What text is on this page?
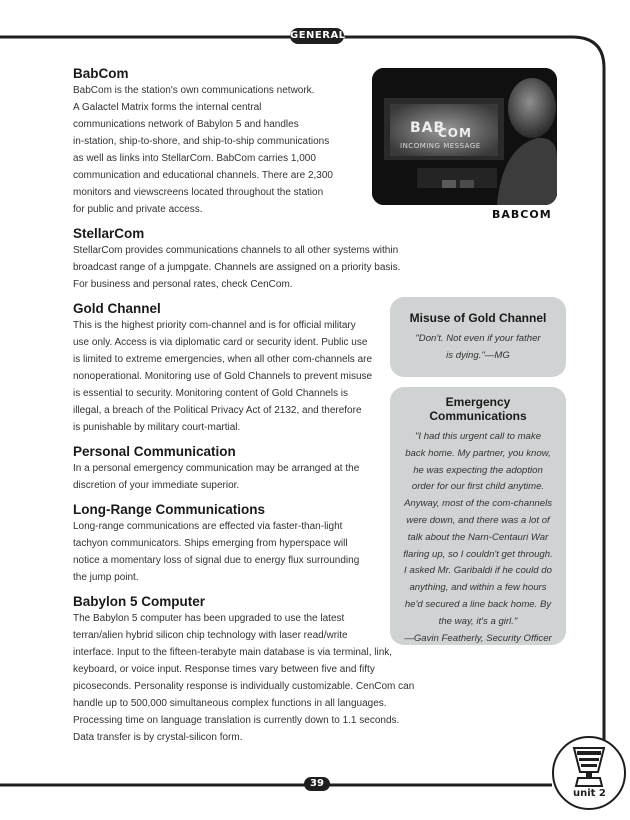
GENERAL
BAB
COM
INCOMING MESSAGE
BABCOM
BabCom
BabCom is the station's own communications network.
A Galactel Matrix forms the internal central
communications network of Babylon 5 and handles
in-station, ship-to-shore, and ship-to-ship communications
as well as links into StellarCom. BabCom carries 1,000
communication and educational channels. There are 2,300
monitors and viewscreens located throughout the station
for public and private access.
StellarCom
StellarCom provides communications channels to all other systems within
broadcast range of a jumpgate. Channels are assigned on a priority basis.
For business and personal rates, check CenCom.
Gold Channel
This is the highest priority com-channel and is for official military
use only. Access is via diplomatic card or security ident. Public use
is limited to extreme emergencies, when all other com-channels are
nonoperational. Monitoring use of Gold Channels to prevent misuse
is essential to security. Monitoring content of Gold Channels is
illegal, a breach of the Political Privacy Act of 2132, and therefore
is punishable by military court-martial.
Personal Communication
In a personal emergency communication may be arranged at the
discretion of your immediate superior.
Long-Range Communications
Long-range communications are effected via faster-than-light
tachyon communicators. Ships emerging from hyperspace will
notice a momentary loss of signal due to energy flux surrounding
the jump point.
Babylon 5 Computer
The Babylon 5 computer has been upgraded to use the latest
terran/alien hybrid silicon chip technology with laser read/write
interface. Input to the fifteen-terabyte main database is via terminal, link,
keyboard, or voice input. Response times vary between five and fifty
picoseconds. Personality response is individually customizable. CenCom can
handle up to 500,000 simultaneous complex functions in all languages.
Processing time on language translation is currently down to 1.1 seconds.
Data transfer is by crystal-silicon form.
Misuse of Gold Channel
"Don't. Not even if your father
is dying."—MG
Emergency
Communications
"I had this urgent call to make
back home. My partner, you know,
he was expecting the adoption
order for our first child anytime.
Anyway, most of the com-channels
were down, and there was a lot of
talk about the Narn-Centauri War
flaring up, so I couldn't get through.
I asked Mr. Garibaldi if he could do
anything, and within a few hours
he'd secured a line back home. By
the way, it's a girl."
—Gavin Featherly, Security Officer
39
unit 2
